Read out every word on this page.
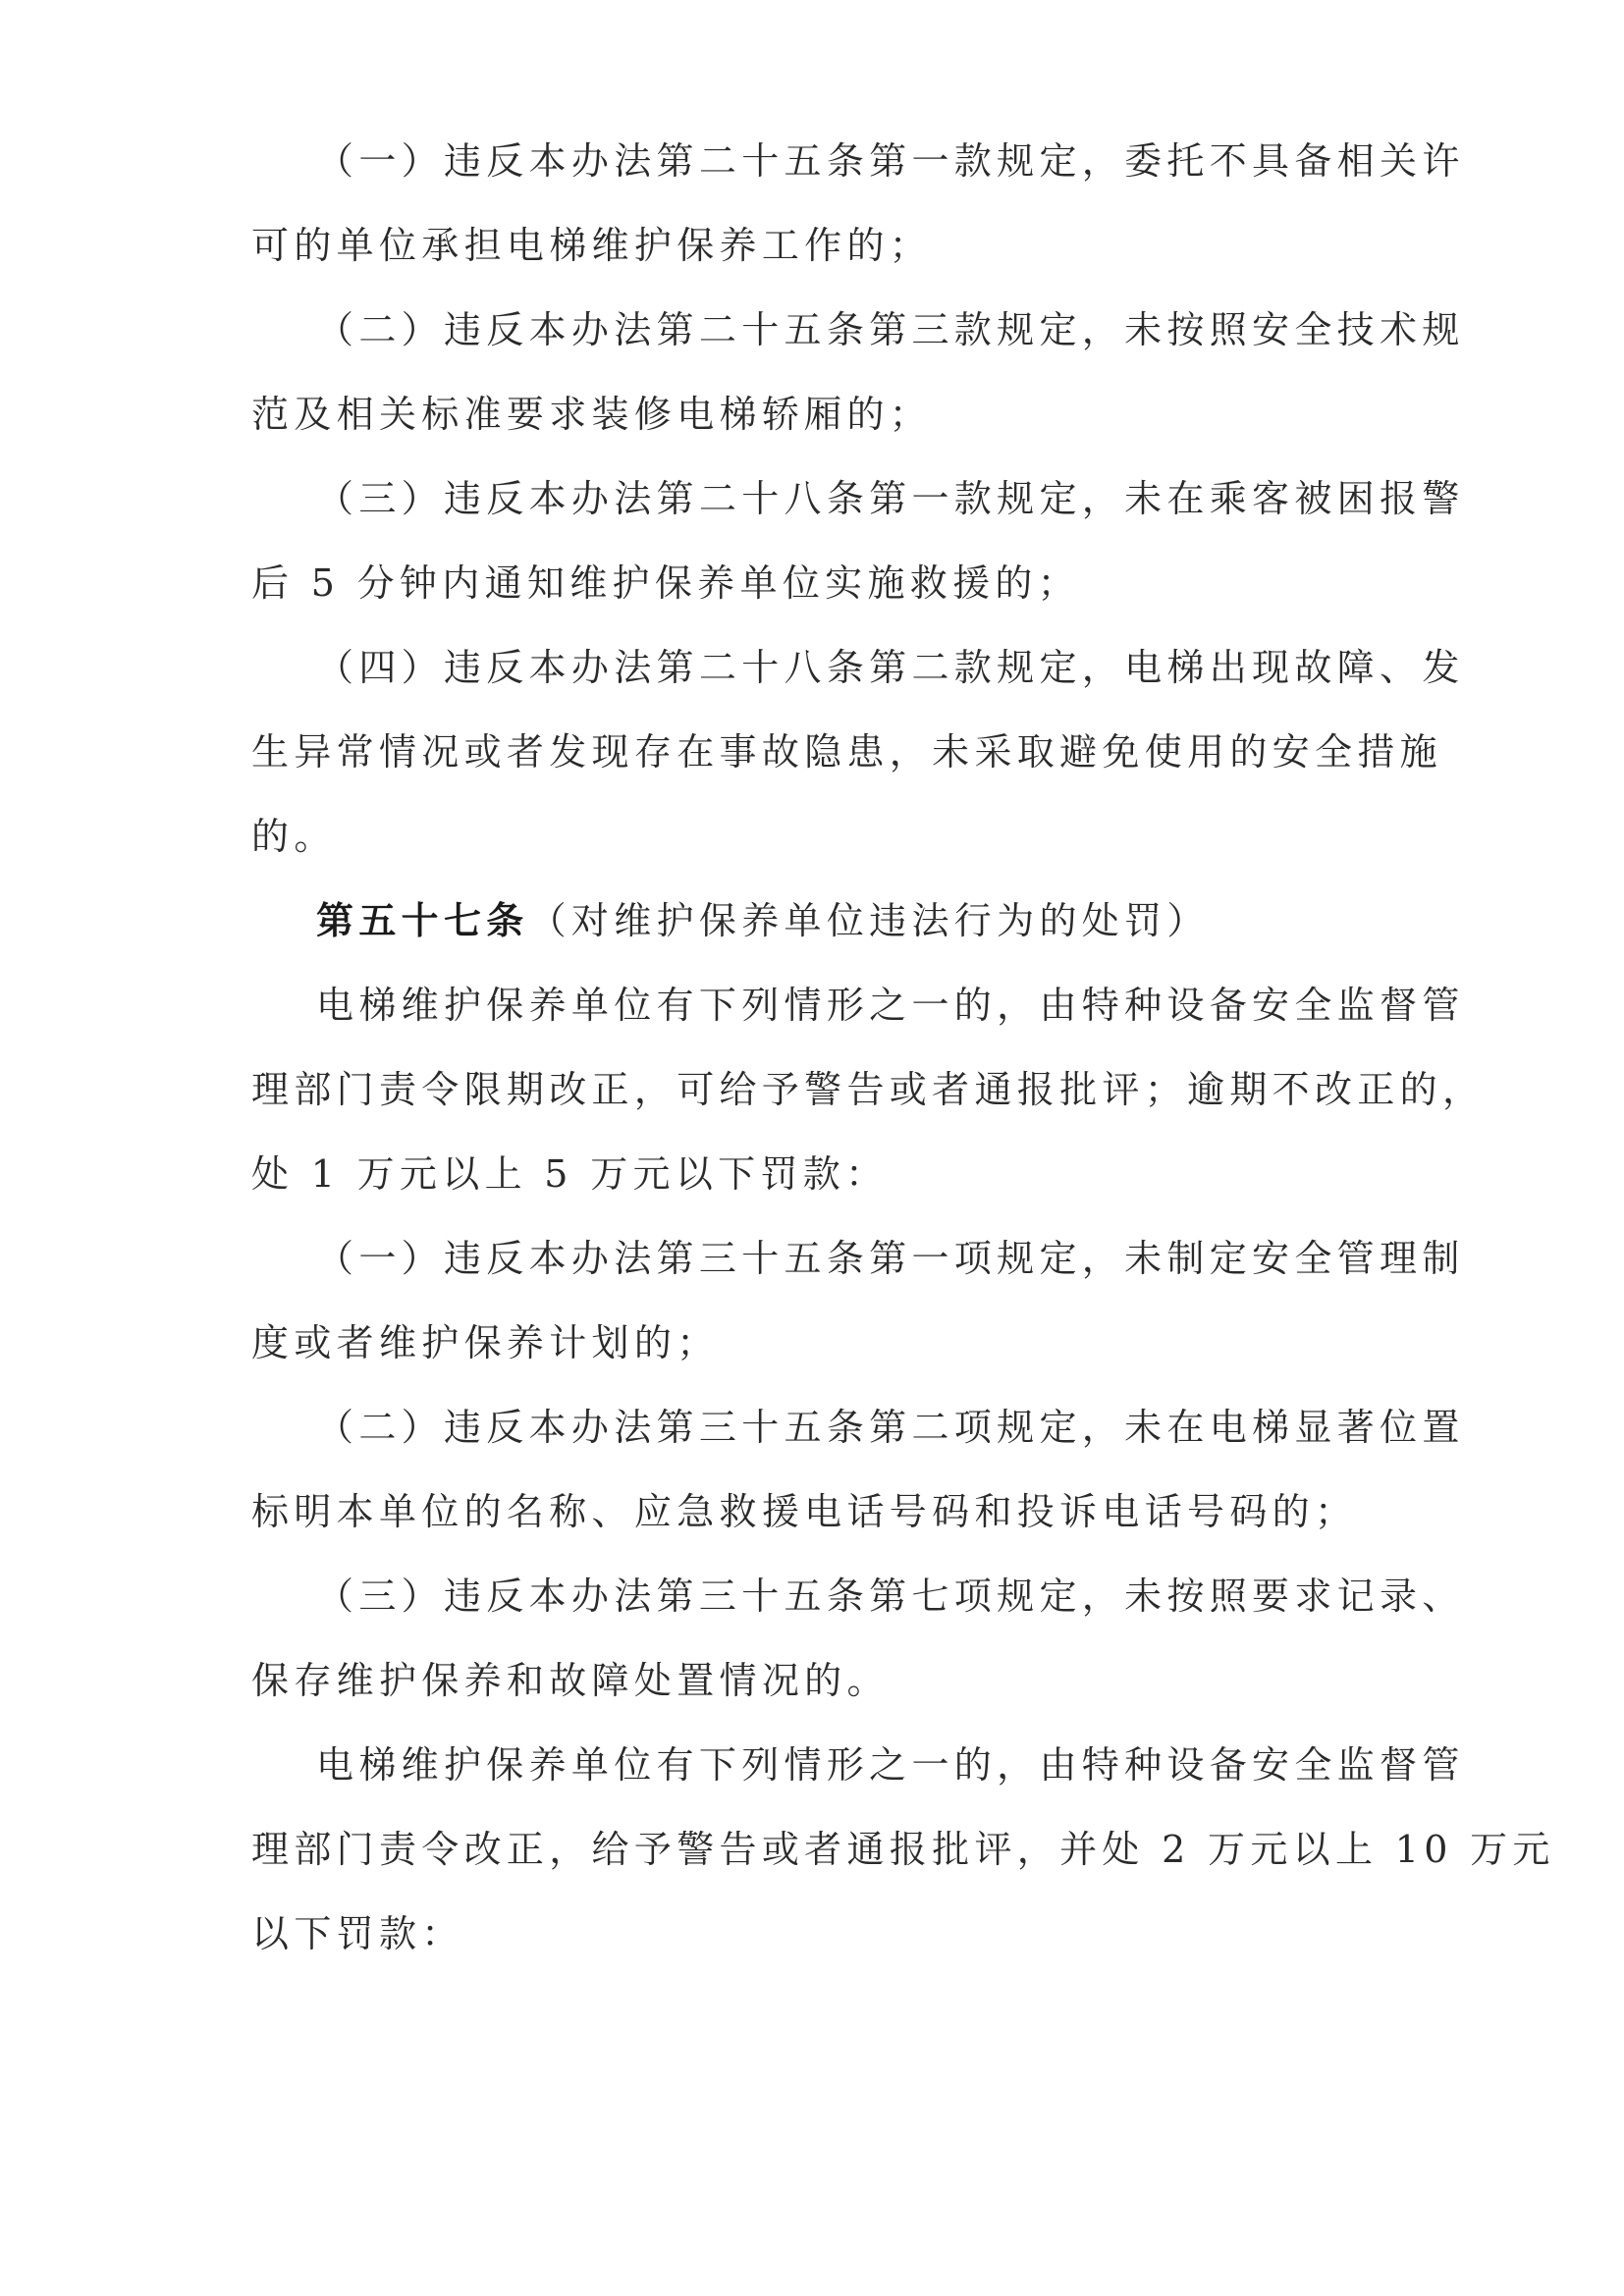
（一）违反本办法第二十五条第一款规定，委托不具备相关许
可的单位承担电梯维护保养工作的；
（二）违反本办法第二十五条第三款规定，未按照安全技术规
范及相关标准要求装修电梯轿厢的；
（三）违反本办法第二十八条第一款规定，未在乘客被困报警
后 5 分钟内通知维护保养单位实施救援的；
（四）违反本办法第二十八条第二款规定，电梯出现故障、发
生异常情况或者发现存在事故隐患，未采取避免使用的安全措施
的。
第五十七条（对维护保养单位违法行为的处罚）
电梯维护保养单位有下列情形之一的，由特种设备安全监督管
理部门责令限期改正，可给予警告或者通报批评；逾期不改正的，
处 1 万元以上 5 万元以下罚款：
（一）违反本办法第三十五条第一项规定，未制定安全管理制
度或者维护保养计划的；
（二）违反本办法第三十五条第二项规定，未在电梯显著位置
标明本单位的名称、应急救援电话号码和投诉电话号码的；
（三）违反本办法第三十五条第七项规定，未按照要求记录、
保存维护保养和故障处置情况的。
电梯维护保养单位有下列情形之一的，由特种设备安全监督管
理部门责令改正，给予警告或者通报批评，并处 2 万元以上 10 万元
以下罚款：
